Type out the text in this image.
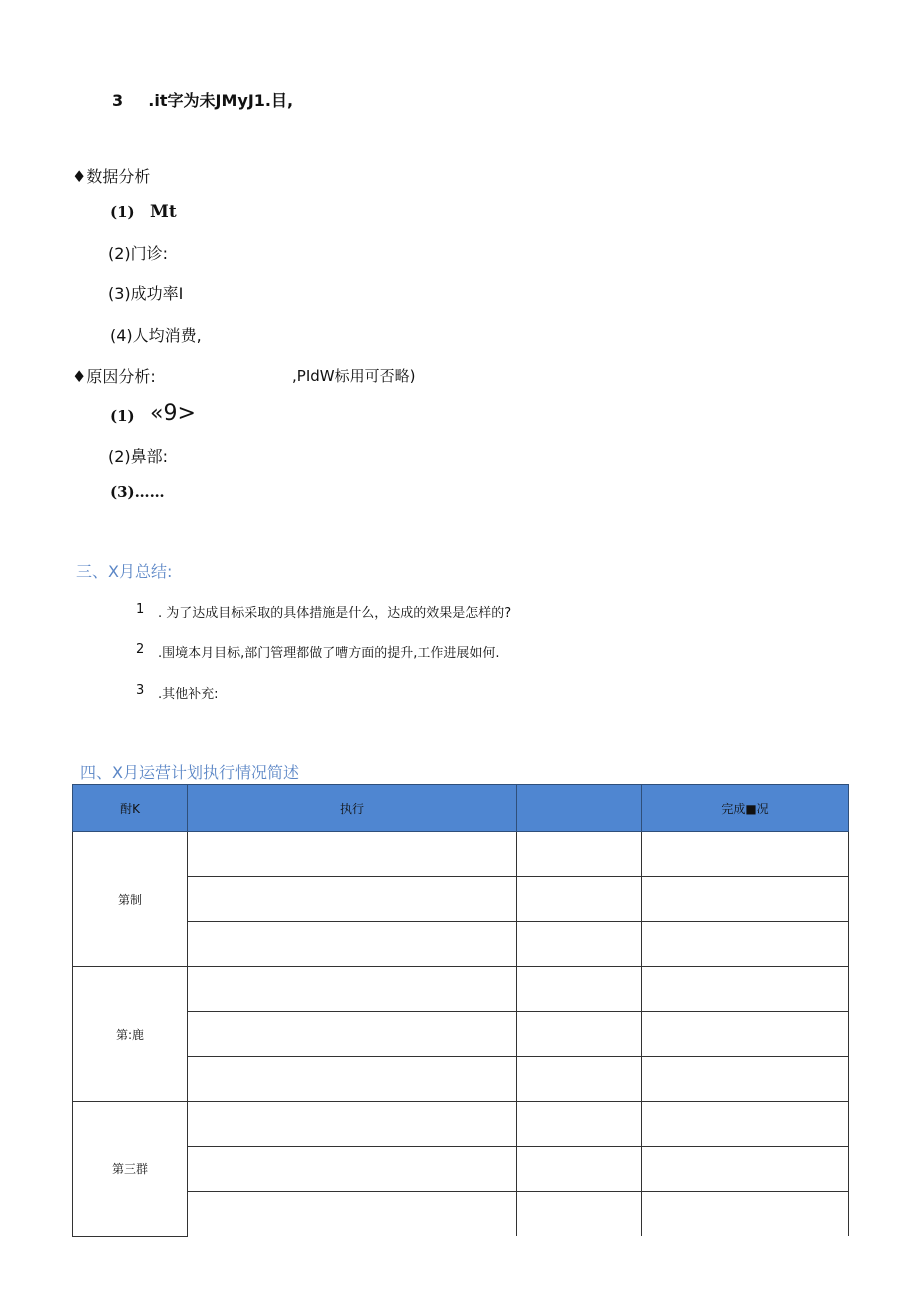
3 .it字为未JMyJ1.目,
♦数据分析
(1) Mt
(2)门诊:
(3)成功率I
(4)人均消费,
♦原因分析:	,PIdW标用可否略)
(1) «9>
(2)鼻部:
(3)……
三、X月总结:
1 . 为了达成目标采取的具体措施是什么，达成的效果是怎样的?
2 .围境本月目标,部门管理都做了嘈方面的提升,工作进展如何.
3 .其他补充:
四、X月运营计划执行情况简述
酎K	执行		完成■况
第制			

第:鹿			

第三群			
